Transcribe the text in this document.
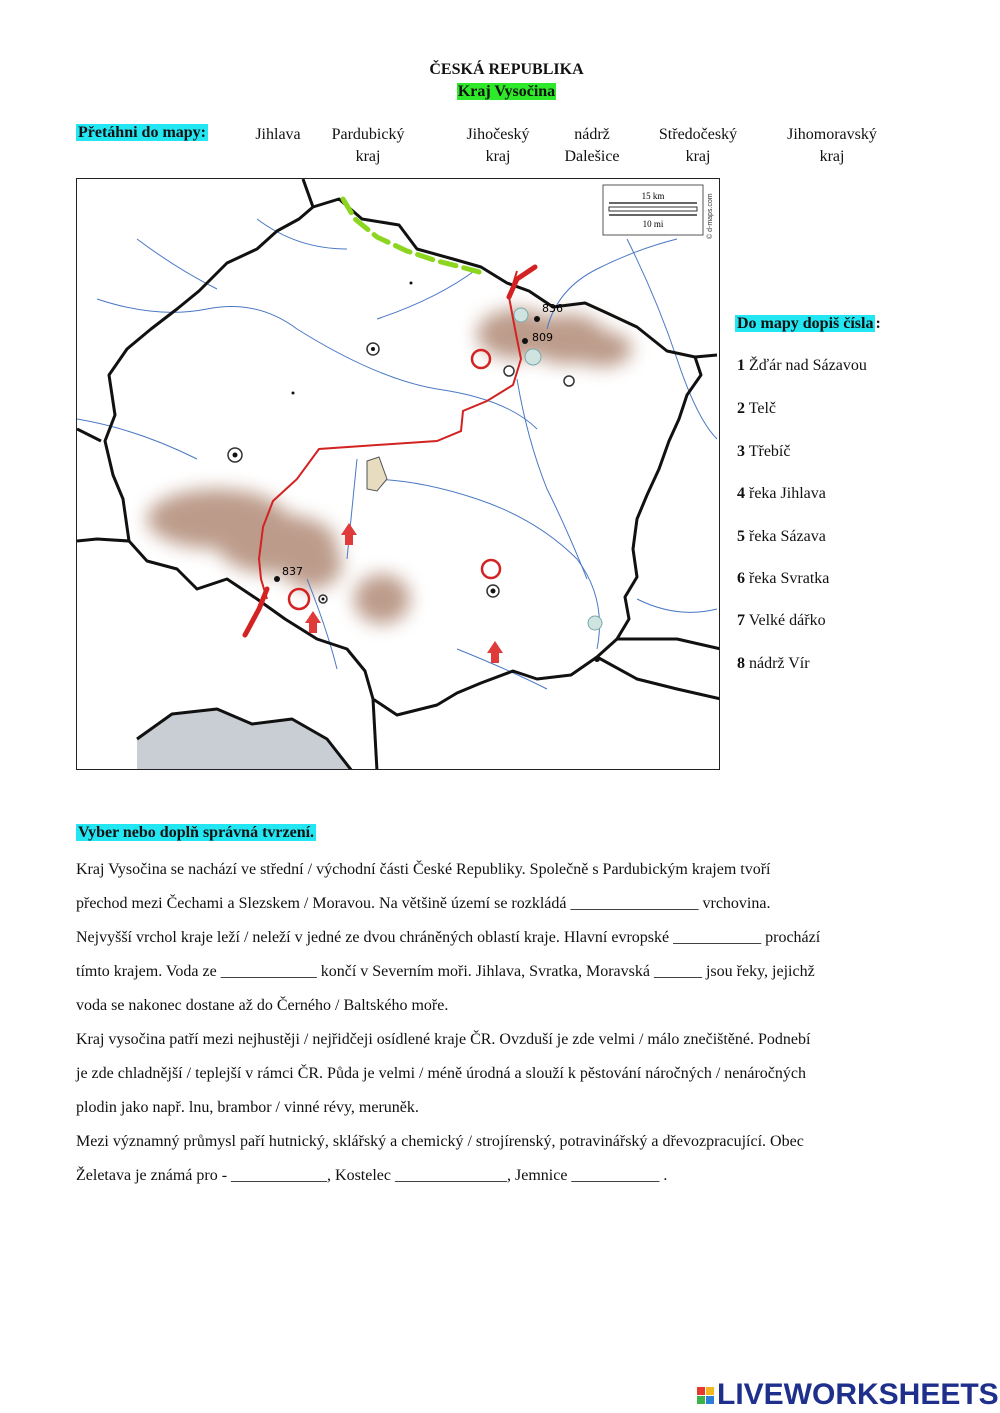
ČESKÁ REPUBLIKA
Kraj Vysočina
Přetáhni do mapy:	Jihlava	Pardubický
kraj
Jihočeský
kraj
nádrž
Dalešice
Středočeský
kraj
Jihomoravský
kraj
15 km
10 mi	© d-maps.com
836
809
837
Do mapy dopiš čísla :
1 Žďár nad Sázavou
2 Telč
3 Třebíč
4 řeka Jihlava
5 řeka Sázava
6 řeka Svratka
7 Velké dářko
8 nádrž Vír
Vyber nebo doplň správná tvrzení.
Kraj Vysočina se nachází ve střední / východní části České Republiky. Společně s Pardubickým krajem tvoří
přechod mezi Čechami a Slezskem / Moravou. Na většině území se rozkládá ________________ vrchovina.
Nejvyšší vrchol kraje leží / neleží v jedné ze dvou chráněných oblastí kraje. Hlavní evropské ___________ prochází
tímto krajem. Voda ze ____________ končí v Severním moři. Jihlava, Svratka, Moravská ______ jsou řeky, jejichž
voda se nakonec dostane až do Černého / Baltského moře.
Kraj vysočina patří mezi nejhustěji / nejřidčeji osídlené kraje ČR. Ovzduší je zde velmi / málo znečištěné. Podnebí
je zde chladnější / teplejší v rámci ČR. Půda je velmi / méně úrodná a slouží k pěstování náročných / nenáročných
plodin jako např. lnu, brambor / vinné révy, meruněk.
Mezi významný průmysl paří hutnický, sklářský a chemický / strojírenský, potravinářský a dřevozpracující. Obec
Želetava je známá pro - ____________, Kostelec ______________, Jemnice ___________ .
LIVEWORKSHEETS
